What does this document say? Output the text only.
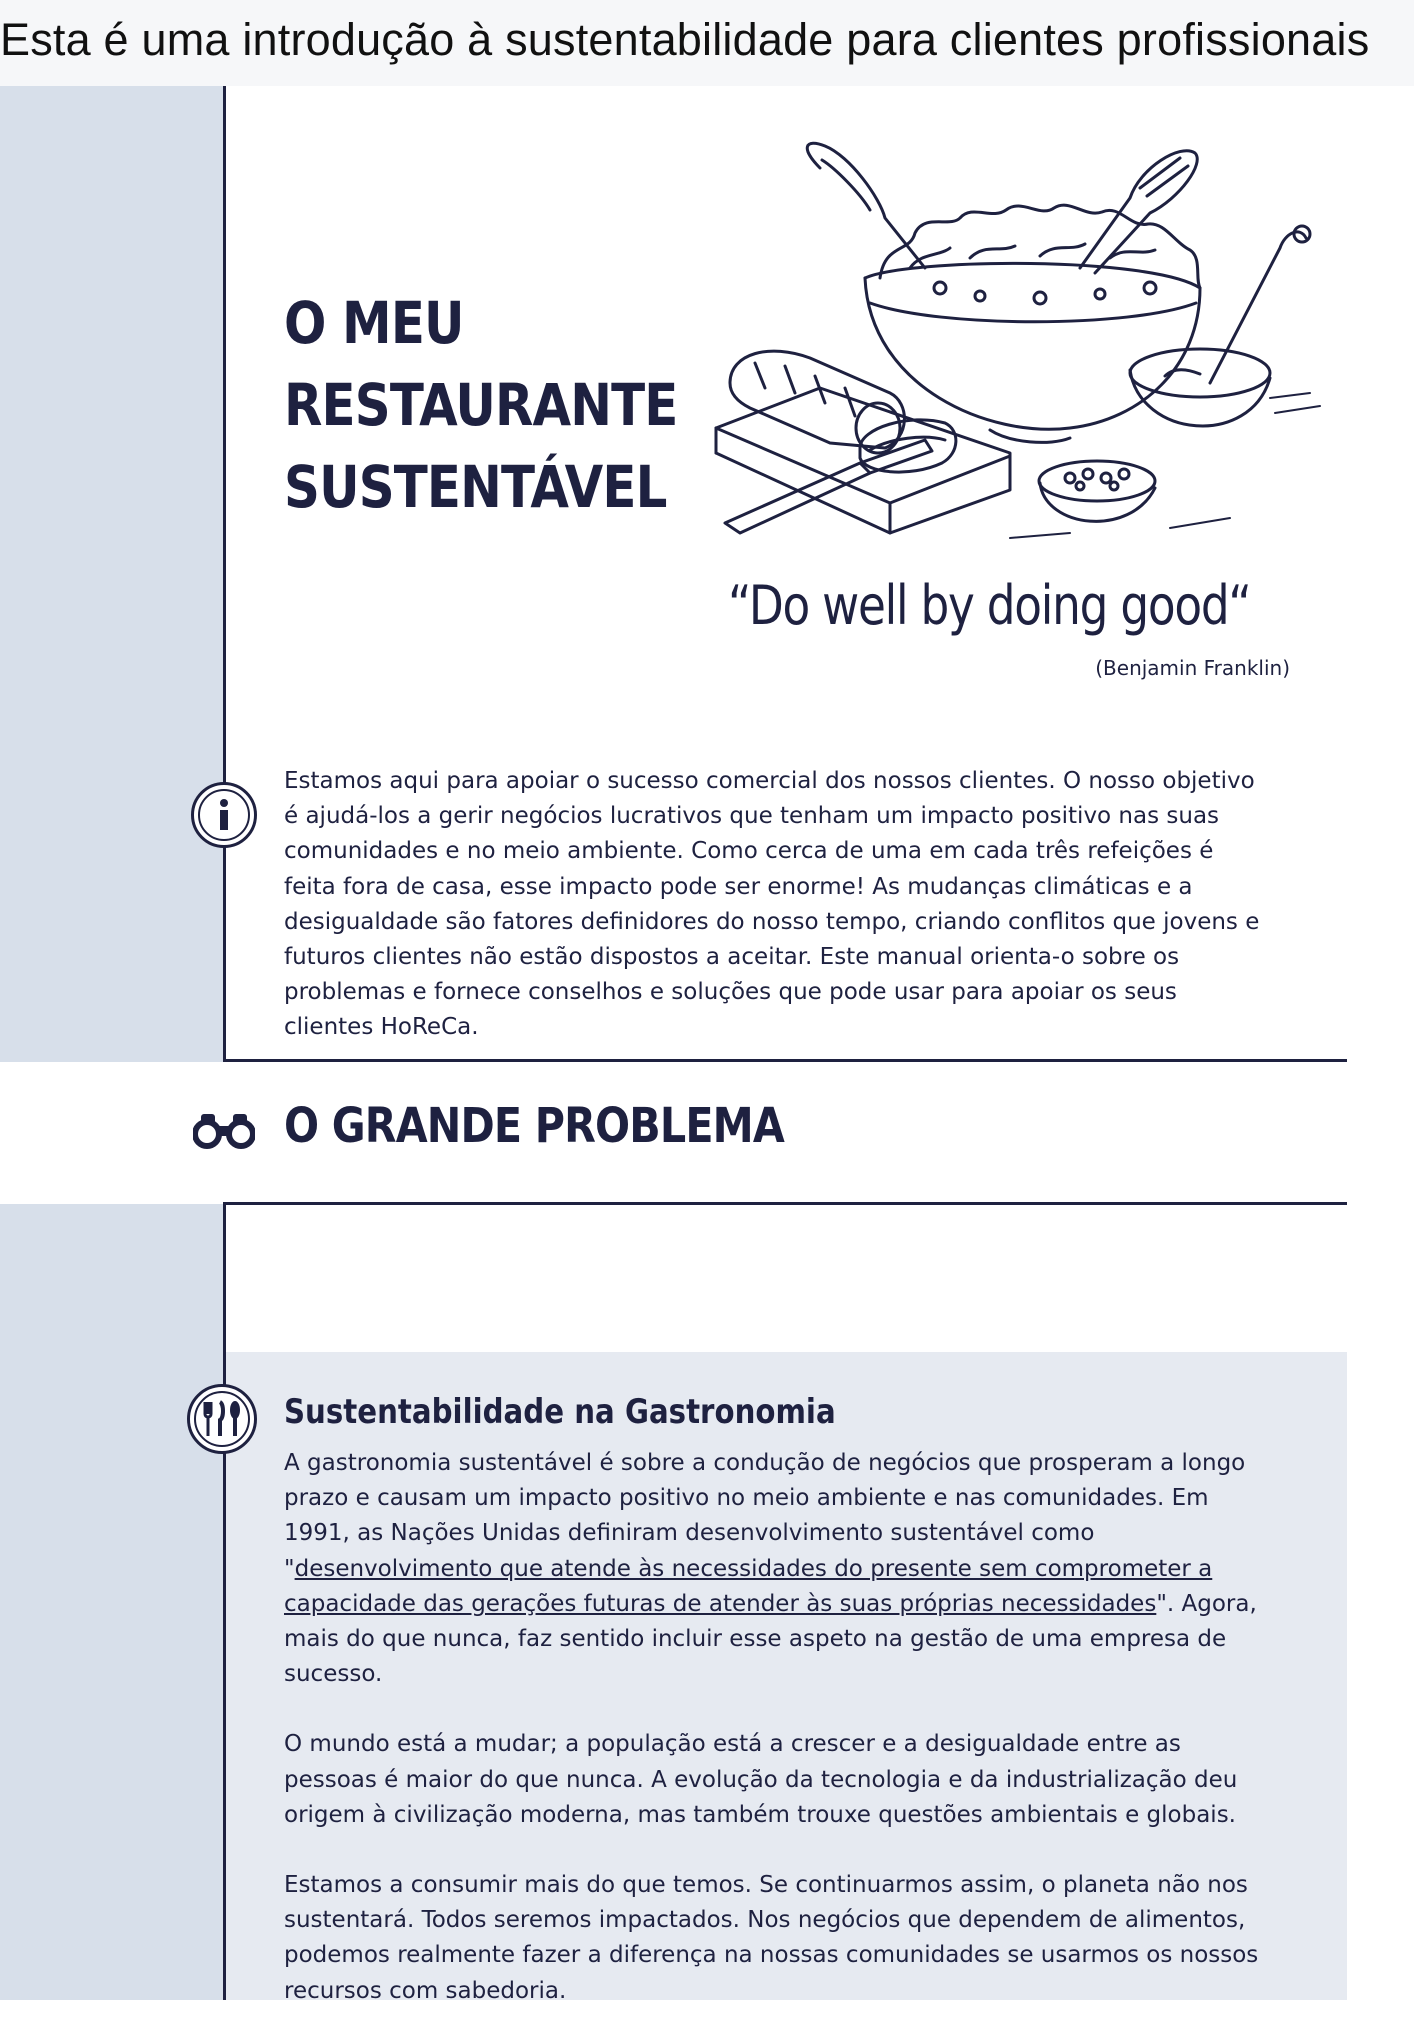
Esta é uma introdução à sustentabilidade para clientes profissionais
O MEU
RESTAURANTE
SUSTENTÁVEL
“Do well by doing good“
(Benjamin Franklin)
Estamos aqui para apoiar o sucesso comercial dos nossos clientes. O nosso objetivo é ajudá-los a gerir negócios lucrativos que tenham um impacto positivo nas suas comunidades e no meio ambiente. Como cerca de uma em cada três refeições é feita fora de casa, esse impacto pode ser enorme! As mudanças climáticas e a desigualdade são fatores definidores do nosso tempo, criando conflitos que jovens e futuros clientes não estão dispostos a aceitar. Este manual orienta-o sobre os problemas e fornece conselhos e soluções que pode usar para apoiar os seus clientes HoReCa.
O GRANDE PROBLEMA
Sustentabilidade na Gastronomia

A gastronomia sustentável é sobre a condução de negócios que prosperam a longo prazo e causam um impacto positivo no meio ambiente e nas comunidades. Em 1991, as Nações Unidas definiram desenvolvimento sustentável como "desenvolvimento que atende às necessidades do presente sem comprometer a capacidade das gerações futuras de atender às suas próprias necessidades". Agora, mais do que nunca, faz sentido incluir esse aspeto na gestão de uma empresa de sucesso.

O mundo está a mudar; a população está a crescer e a desigualdade entre as pessoas é maior do que nunca. A evolução da tecnologia e da industrialização deu origem à civilização moderna, mas também trouxe questões ambientais e globais.

Estamos a consumir mais do que temos. Se continuarmos assim, o planeta não nos sustentará. Todos seremos impactados. Nos negócios que dependem de alimentos, podemos realmente fazer a diferença na nossas comunidades se usarmos os nossos recursos com sabedoria.
